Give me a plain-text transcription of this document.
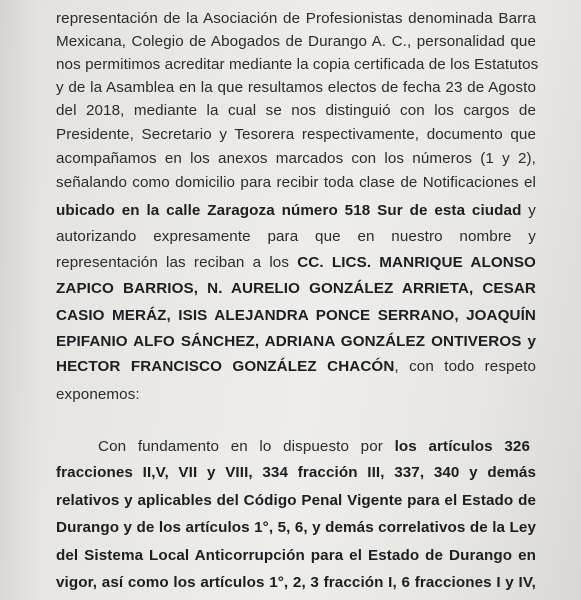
representación de la Asociación de Profesionistas denominada Barra
Mexicana, Colegio de Abogados de Durango A. C., personalidad que
nos permitimos acreditar mediante la copia certificada de los Estatutos
y de la Asamblea en la que resultamos electos de fecha 23 de Agosto
del 2018, mediante la cual se nos distinguió con los cargos de
Presidente, Secretario y Tesorera respectivamente, documento que
acompañamos en los anexos marcados con los números (1 y 2),
señalando como domicilio para recibir toda clase de Notificaciones el
ubicado en la calle Zaragoza número 518 Sur de esta ciudad y
autorizando expresamente para que en nuestro nombre y
representación las reciban a los CC. LICS. MANRIQUE ALONSO
ZAPICO BARRIOS, N. AURELIO GONZÁLEZ ARRIETA, CESAR
CASIO MERÁZ, ISIS ALEJANDRA PONCE SERRANO, JOAQUÍN
EPIFANIO ALFO SÁNCHEZ, ADRIANA GONZÁLEZ ONTIVEROS y
HECTOR FRANCISCO GONZÁLEZ CHACÓN, con todo respeto
exponemos:
Con fundamento en lo dispuesto por los artículos 326
fracciones II,V, VII y VIII, 334 fracción III, 337, 340 y demás
relativos y aplicables del Código Penal Vigente para el Estado de
Durango y de los artículos 1°, 5, 6, y demás correlativos de la Ley
del Sistema Local Anticorrupción para el Estado de Durango en
vigor, así como los artículos 1°, 2, 3 fracción I, 6 fracciones I y IV,
